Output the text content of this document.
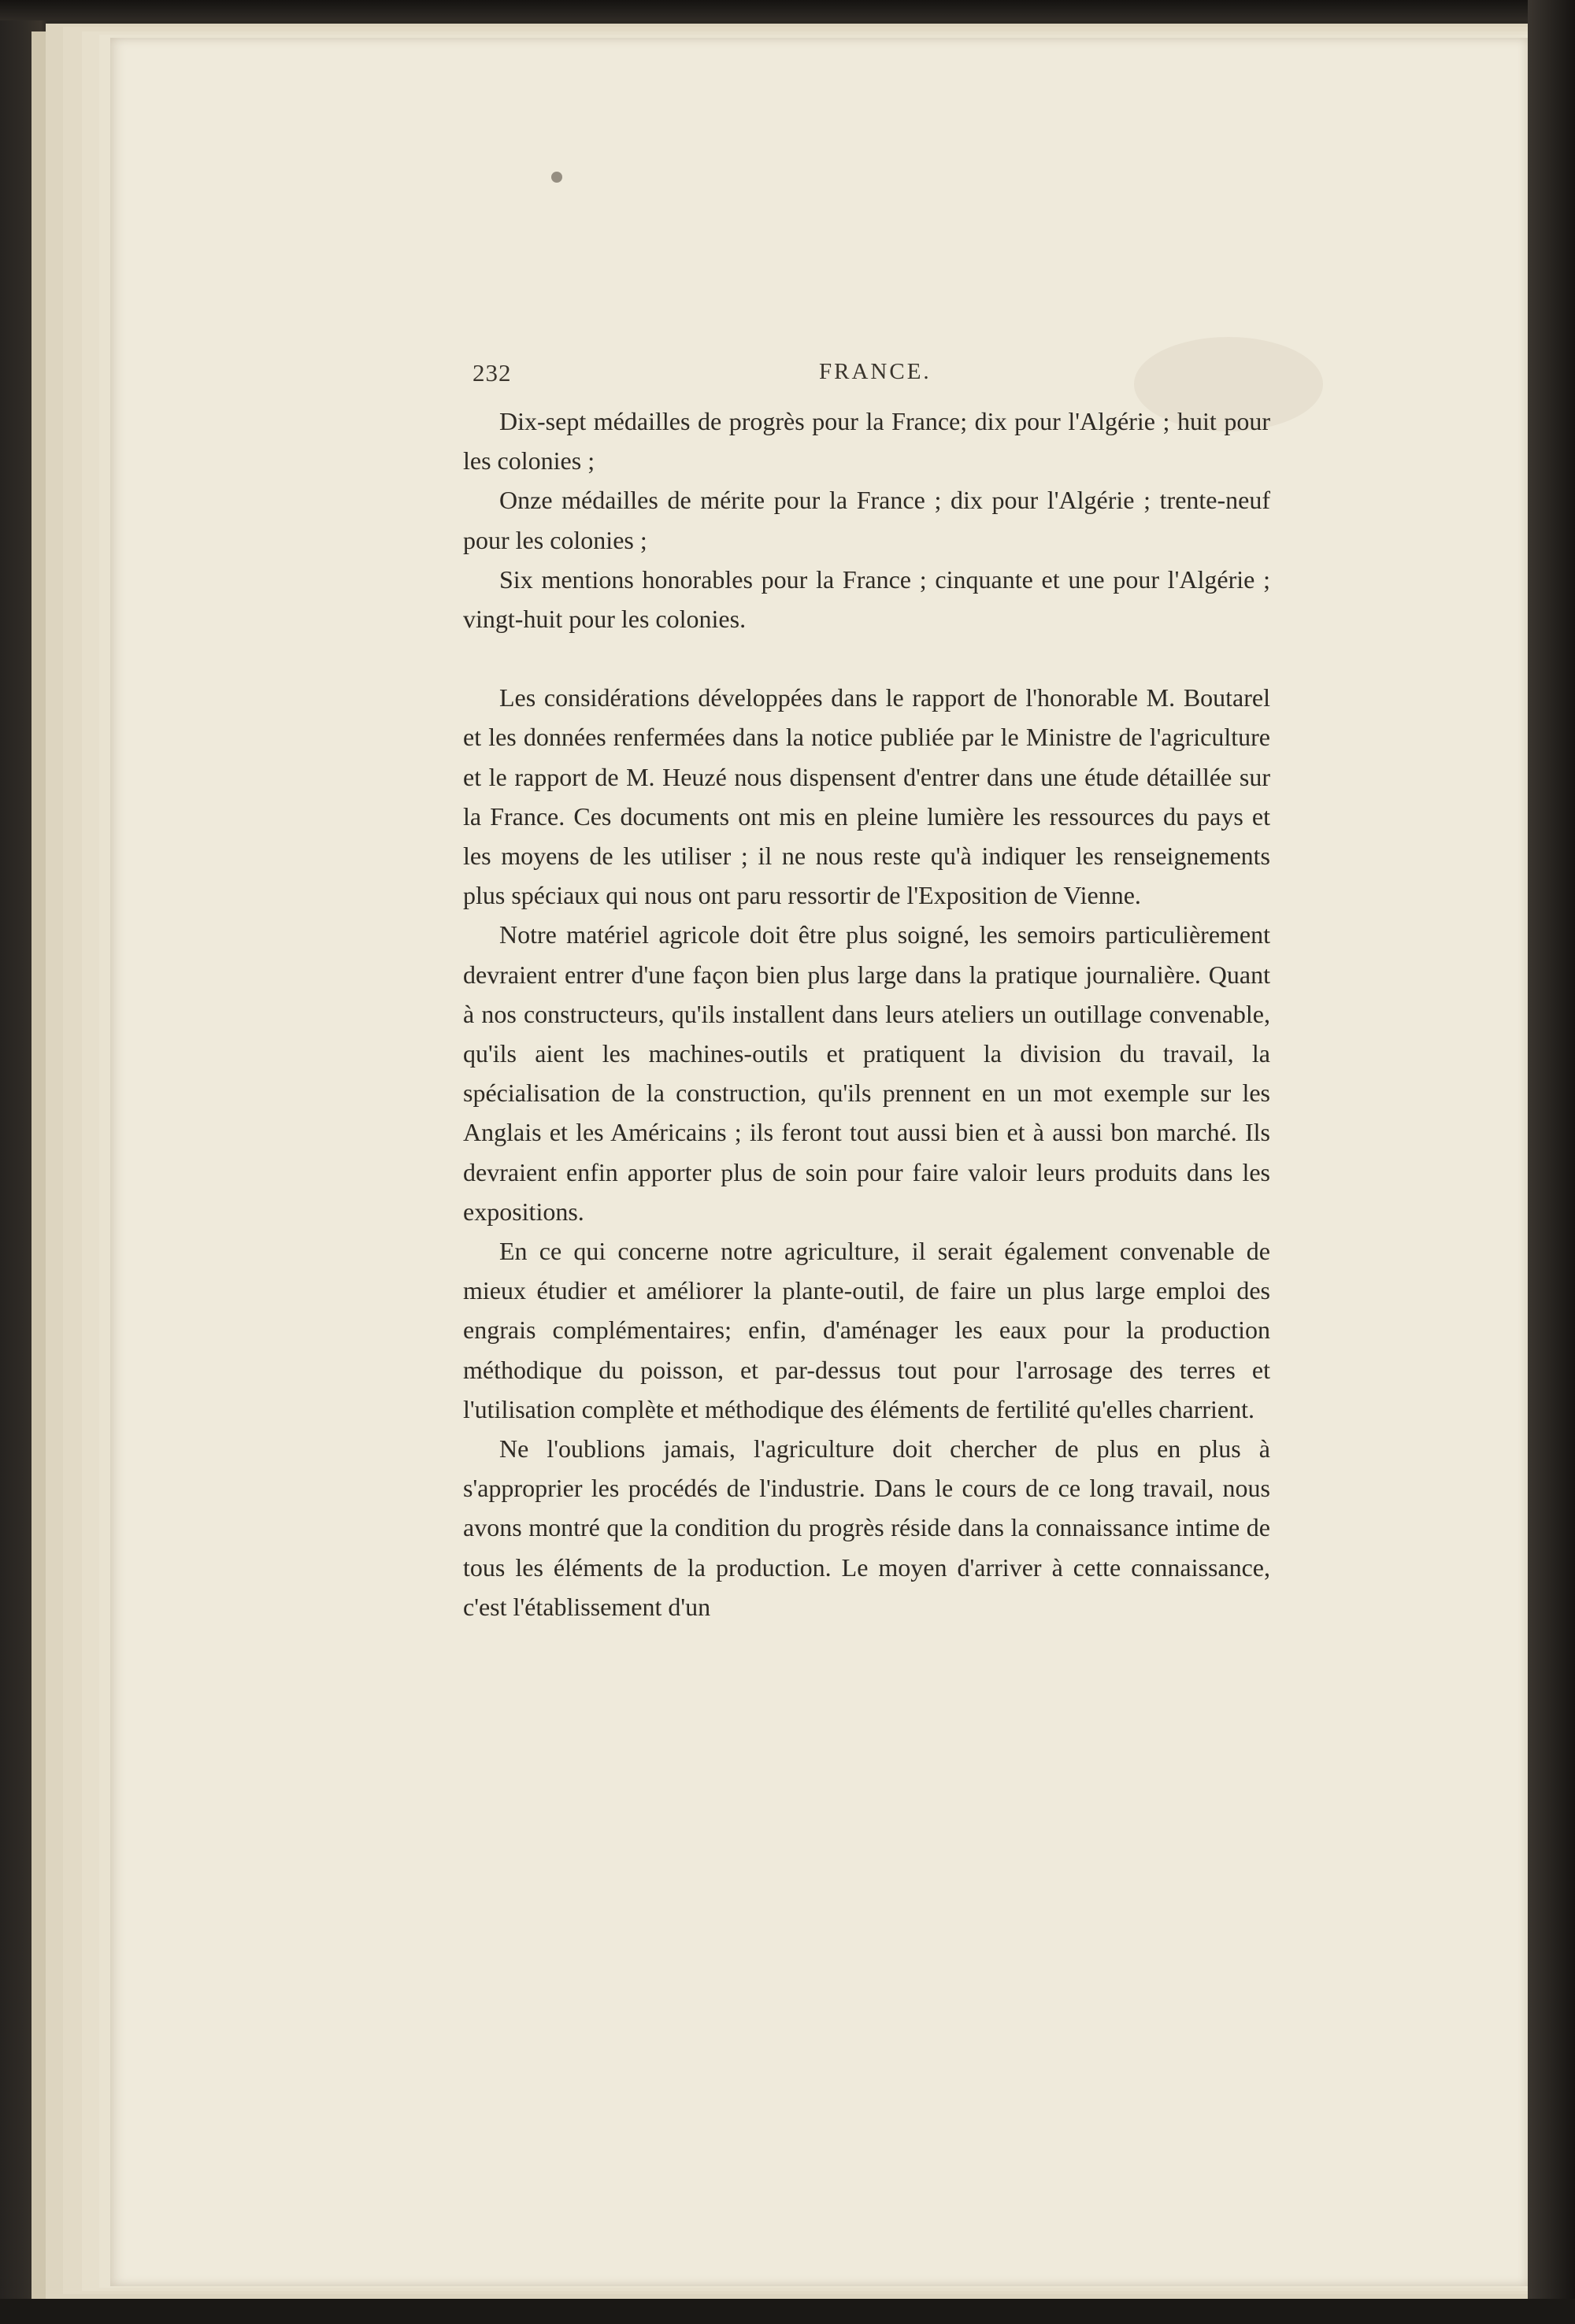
232	FRANCE.

Dix-sept médailles de progrès pour la France; dix pour l'Algérie ; huit pour les colonies ;

Onze médailles de mérite pour la France ; dix pour l'Algérie ; trente-neuf pour les colonies ;

Six mentions honorables pour la France ; cinquante et une pour l'Algérie ; vingt-huit pour les colonies.

Les considérations développées dans le rapport de l'honorable M. Boutarel et les données renfermées dans la notice publiée par le Ministre de l'agriculture et le rapport de M. Heuzé nous dispensent d'entrer dans une étude détaillée sur la France. Ces documents ont mis en pleine lumière les ressources du pays et les moyens de les utiliser ; il ne nous reste qu'à indiquer les renseignements plus spéciaux qui nous ont paru ressortir de l'Exposition de Vienne.

Notre matériel agricole doit être plus soigné, les semoirs particulièrement devraient entrer d'une façon bien plus large dans la pratique journalière. Quant à nos constructeurs, qu'ils installent dans leurs ateliers un outillage convenable, qu'ils aient les machines-outils et pratiquent la division du travail, la spécialisation de la construction, qu'ils prennent en un mot exemple sur les Anglais et les Américains ; ils feront tout aussi bien et à aussi bon marché. Ils devraient enfin apporter plus de soin pour faire valoir leurs produits dans les expositions.

En ce qui concerne notre agriculture, il serait également convenable de mieux étudier et améliorer la plante-outil, de faire un plus large emploi des engrais complémentaires; enfin, d'aménager les eaux pour la production méthodique du poisson, et par-dessus tout pour l'arrosage des terres et l'utilisation complète et méthodique des éléments de fertilité qu'elles charrient.

Ne l'oublions jamais, l'agriculture doit chercher de plus en plus à s'approprier les procédés de l'industrie. Dans le cours de ce long travail, nous avons montré que la condition du progrès réside dans la connaissance intime de tous les éléments de la production. Le moyen d'arriver à cette connaissance, c'est l'établissement d'un
